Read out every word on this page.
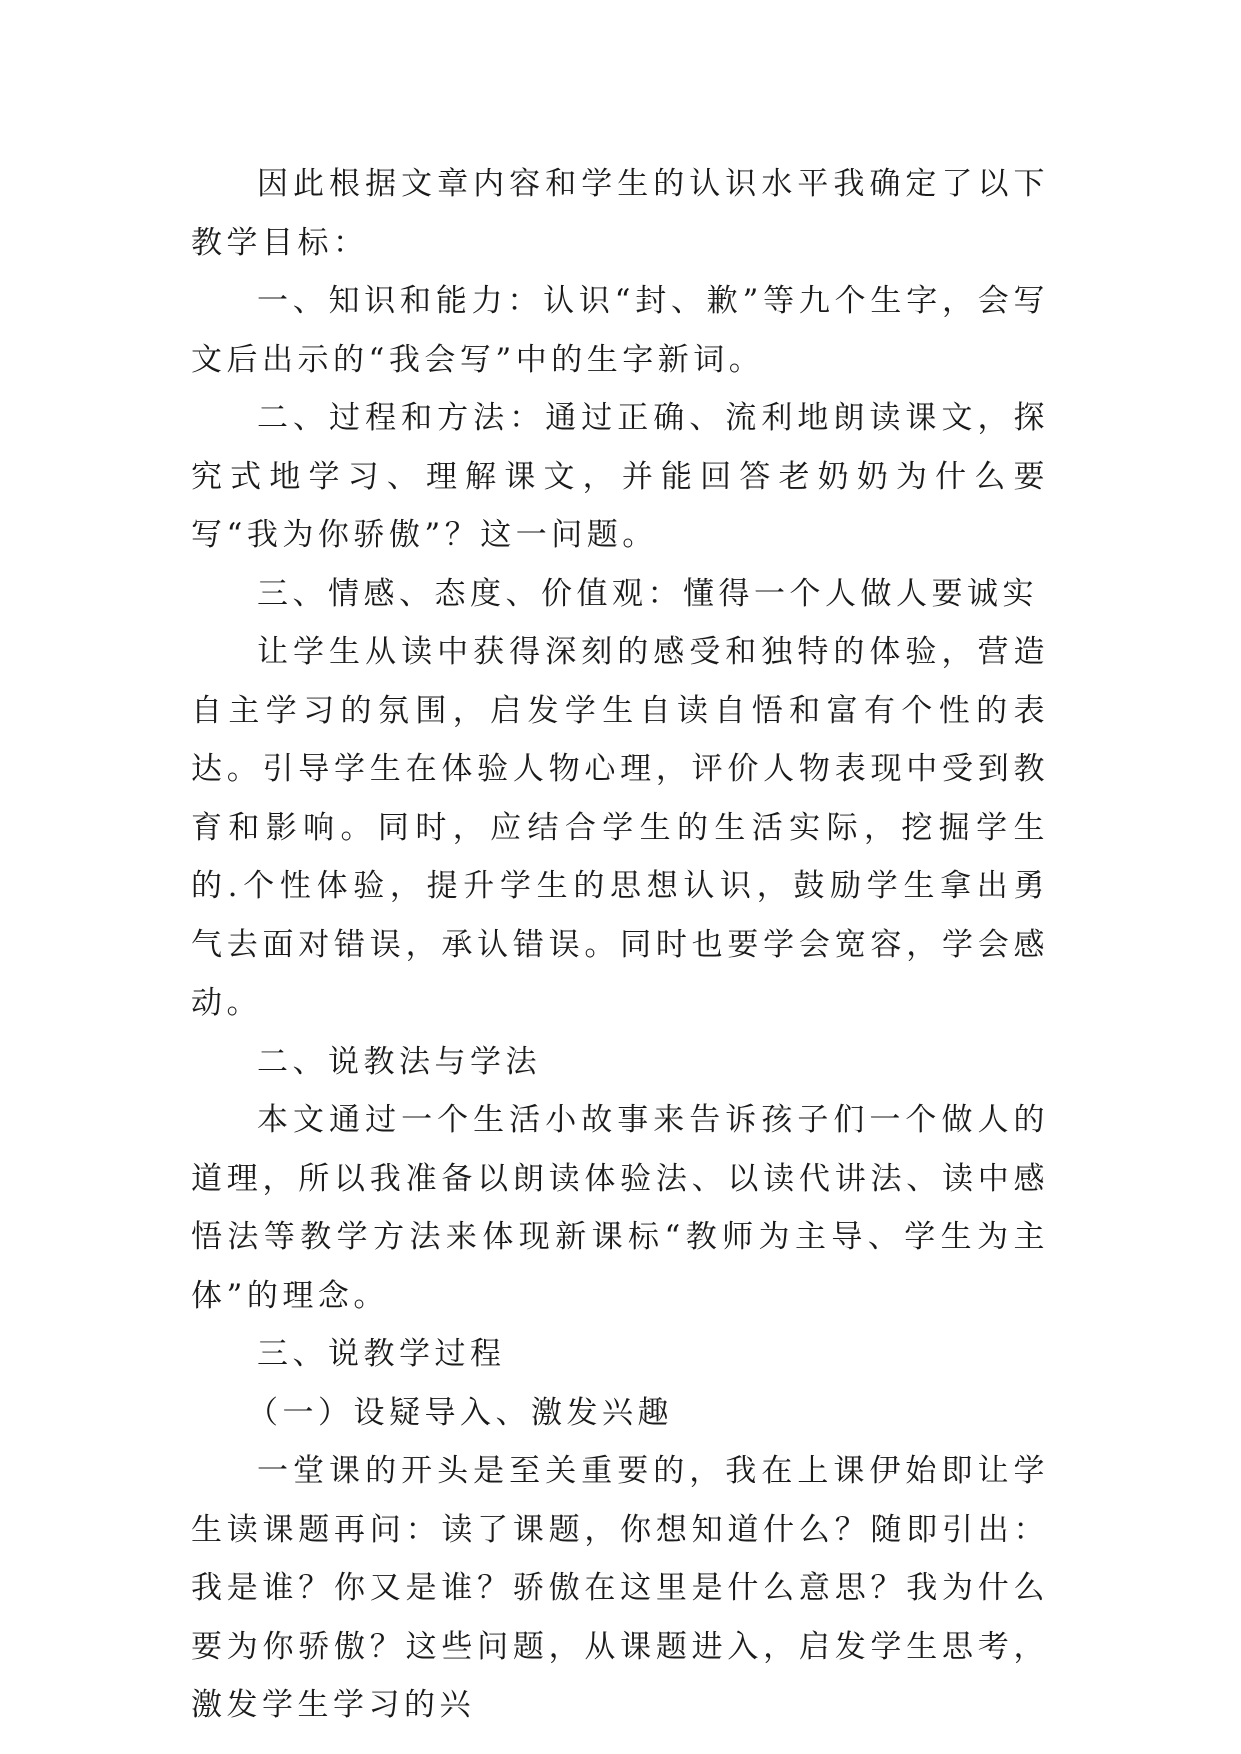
因此根据文章内容和学生的认识水平我确定了以下教学目标：

一、知识和能力：认识“封、歉”等九个生字，会写文后出示的“我会写”中的生字新词。

二、过程和方法：通过正确、流利地朗读课文，探究式地学习、理解课文，并能回答老奶奶为什么要写“我为你骄傲”？这一问题。

三、情感、态度、价值观：懂得一个人做人要诚实

让学生从读中获得深刻的感受和独特的体验，营造自主学习的氛围，启发学生自读自悟和富有个性的表达。引导学生在体验人物心理，评价人物表现中受到教育和影响。同时，应结合学生的生活实际，挖掘学生的.个性体验，提升学生的思想认识，鼓励学生拿出勇气去面对错误，承认错误。同时也要学会宽容，学会感动。

二、说教法与学法

本文通过一个生活小故事来告诉孩子们一个做人的道理，所以我准备以朗读体验法、以读代讲法、读中感悟法等教学方法来体现新课标“教师为主导、学生为主体”的理念。

三、说教学过程

（一）设疑导入、激发兴趣

一堂课的开头是至关重要的，我在上课伊始即让学生读课题再问：读了课题，你想知道什么？随即引出：我是谁？你又是谁？骄傲在这里是什么意思？我为什么要为你骄傲？这些问题，从课题进入，启发学生思考，激发学生学习的兴
